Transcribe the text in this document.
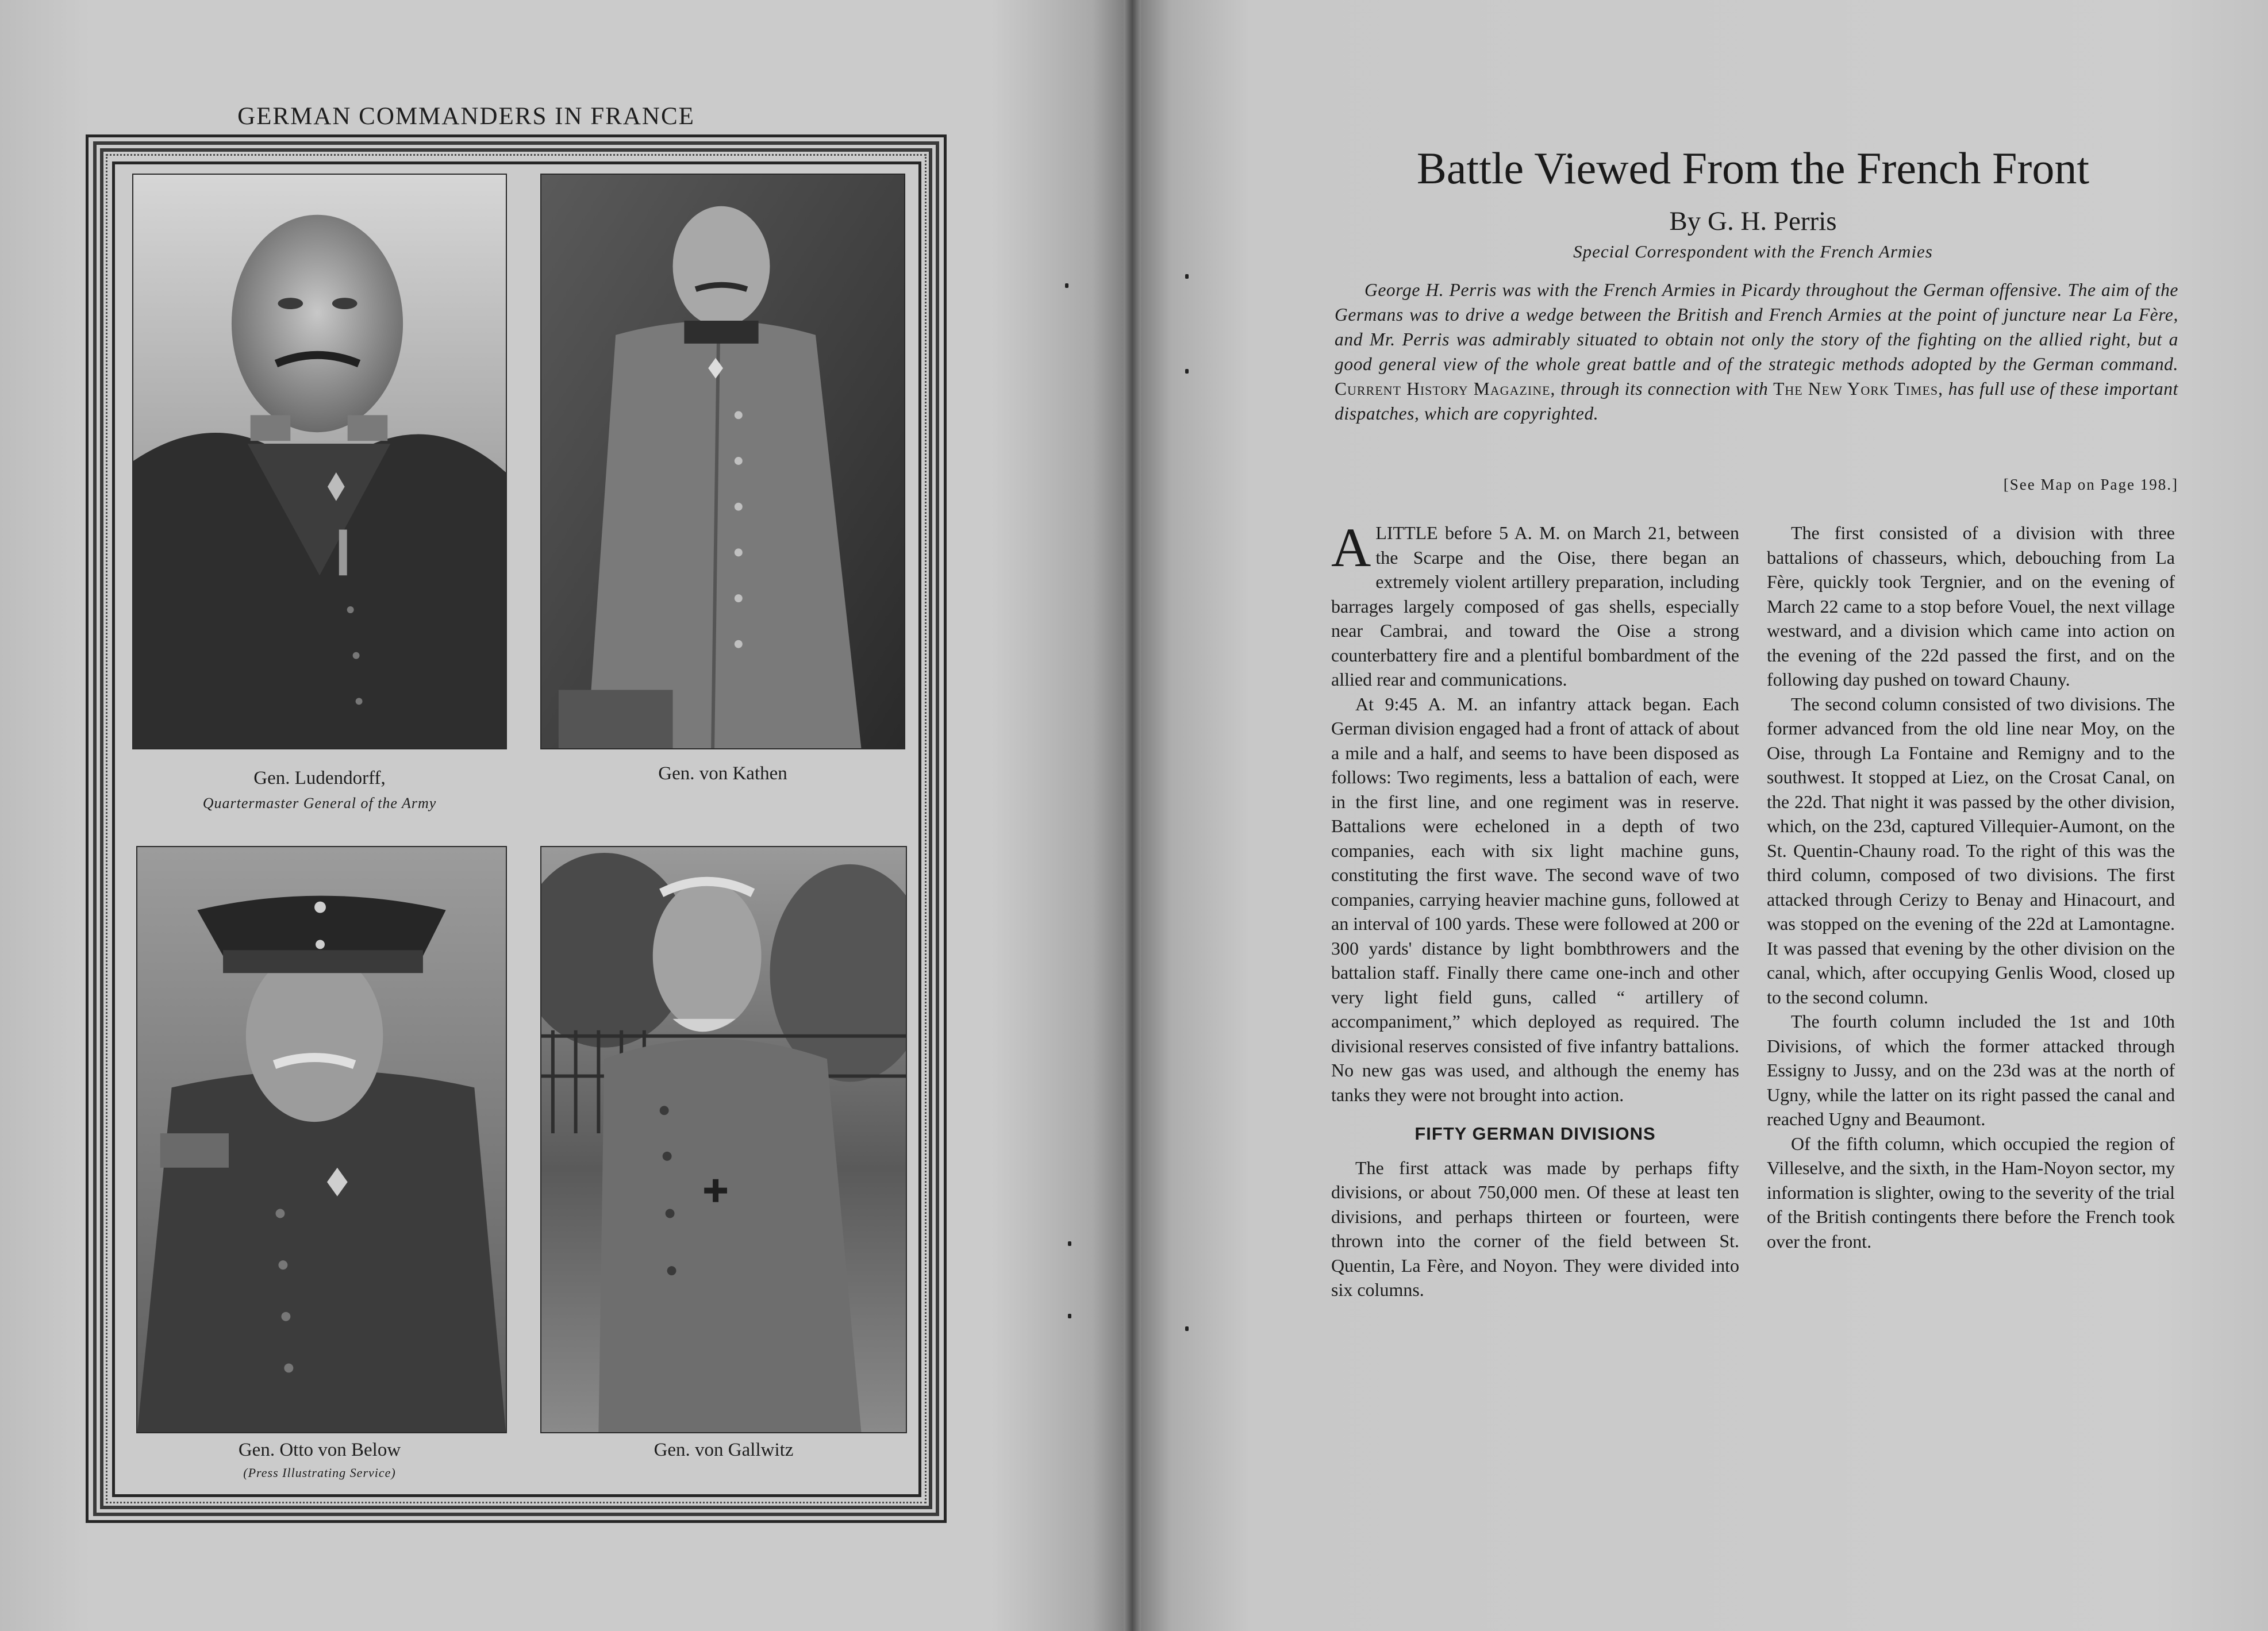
GERMAN COMMANDERS IN FRANCE
Gen. Ludendorff,
Quartermaster General of the Army
Gen. von Kathen
Gen. Otto von Below
(Press Illustrating Service)
Gen. von Gallwitz
Battle Viewed From the French Front
By G. H. Perris
Special Correspondent with the French Armies
George H. Perris was with the French Armies in Picardy throughout the German offensive. The aim of the Germans was to drive a wedge between the British and French Armies at the point of juncture near La Fère, and Mr. Perris was admirably situated to obtain not only the story of the fighting on the allied right, but a good general view of the whole great battle and of the strategic methods adopted by the German command. Current History Magazine, through its connection with The New York Times, has full use of these important dispatches, which are copyrighted.
[See Map on Page 198.]

ALITTLE before 5 A. M. on March 21, between the Scarpe and the Oise, there began an extremely violent artillery preparation, including barrages largely composed of gas shells, especially near Cambrai, and toward the Oise a strong counterbattery fire and a plentiful bombardment of the allied rear and communications.

At 9:45 A. M. an infantry attack began. Each German division engaged had a front of attack of about a mile and a half, and seems to have been disposed as follows: Two regiments, less a battalion of each, were in the first line, and one regiment was in reserve. Battalions were echeloned in a depth of two companies, each with six light machine guns, constituting the first wave. The second wave of two companies, carrying heavier machine guns, followed at an interval of 100 yards. These were followed at 200 or 300 yards' distance by light bombthrowers and the battalion staff. Finally there came one-inch and other very light field guns, called “ artillery of accompaniment,” which deployed as required. The divisional reserves consisted of five infantry battalions. No new gas was used, and although the enemy has tanks they were not brought into action.

FIFTY GERMAN DIVISIONS

The first attack was made by perhaps fifty divisions, or about 750,000 men. Of these at least ten divisions, and perhaps thirteen or fourteen, were thrown into the corner of the field between St. Quentin, La Fère, and Noyon. They were divided into six columns.

The first consisted of a division with three battalions of chasseurs, which, debouching from La Fère, quickly took Tergnier, and on the evening of March 22 came to a stop before Vouel, the next village westward, and a division which came into action on the evening of the 22d passed the first, and on the following day pushed on toward Chauny.

The second column consisted of two divisions. The former advanced from the old line near Moy, on the Oise, through La Fontaine and Remigny and to the southwest. It stopped at Liez, on the Crosat Canal, on the 22d. That night it was passed by the other division, which, on the 23d, captured Villequier-Aumont, on the St. Quentin-Chauny road. To the right of this was the third column, composed of two divisions. The first attacked through Cerizy to Benay and Hinacourt, and was stopped on the evening of the 22d at Lamontagne. It was passed that evening by the other division on the canal, which, after occupying Genlis Wood, closed up to the second column.

The fourth column included the 1st and 10th Divisions, of which the former attacked through Essigny to Jussy, and on the 23d was at the north of Ugny, while the latter on its right passed the canal and reached Ugny and Beaumont.

Of the fifth column, which occupied the region of Villeselve, and the sixth, in the Ham-Noyon sector, my information is slighter, owing to the severity of the trial of the British contingents there before the French took over the front.
